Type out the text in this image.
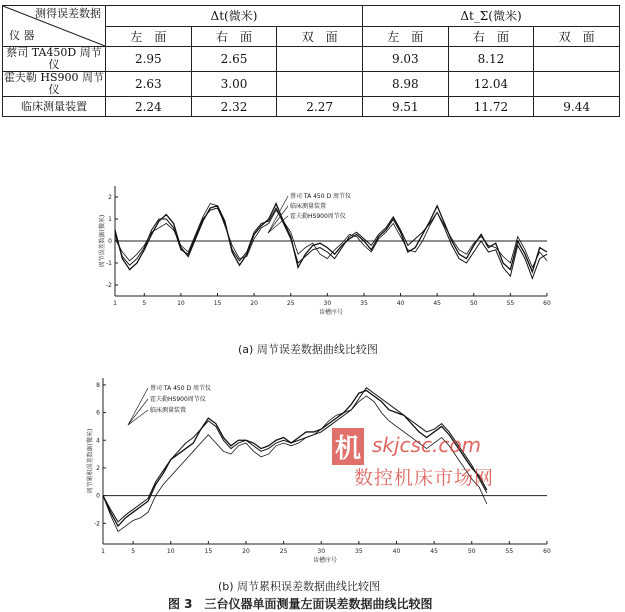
测得误差数据
仪 器	Δt(微米)			Δt_Σ(微米)		
	左　面	右　面	双　面	左　面	右　面	双　面
蔡司 TA450D 周节仪	2.95	2.65		9.03	8.12	
霍夫勒 HS900 周节仪	2.63	3.00		8.98	12.04	
临床测量装置	2.24	2.32	2.27	9.51	11.72	9.44
1	5	10	15	20	25	30	35	40	45	50	55	60
2
1
0
-1
-2
齿槽序号
周节误差数据(微米)
蔡司 TA 450 D 周节仪
临床测量装置
霍夫勒HS900周节仪
(a) 周节误差数据曲线比较图
1	5	10	15	20	25	30	35	40	45	50	55	60
8
6
4
2
0
-2
齿槽序号
周节累积误差数据(微米)
蔡司 TA 450 D 周节仪
霍夫勒HS900周节仪
临床测量装置
机 skjcsc.com
数控机床市场网
(b) 周节累积误差数据曲线比较图
图 3　三台仪器单面测量左面误差数据曲线比较图
